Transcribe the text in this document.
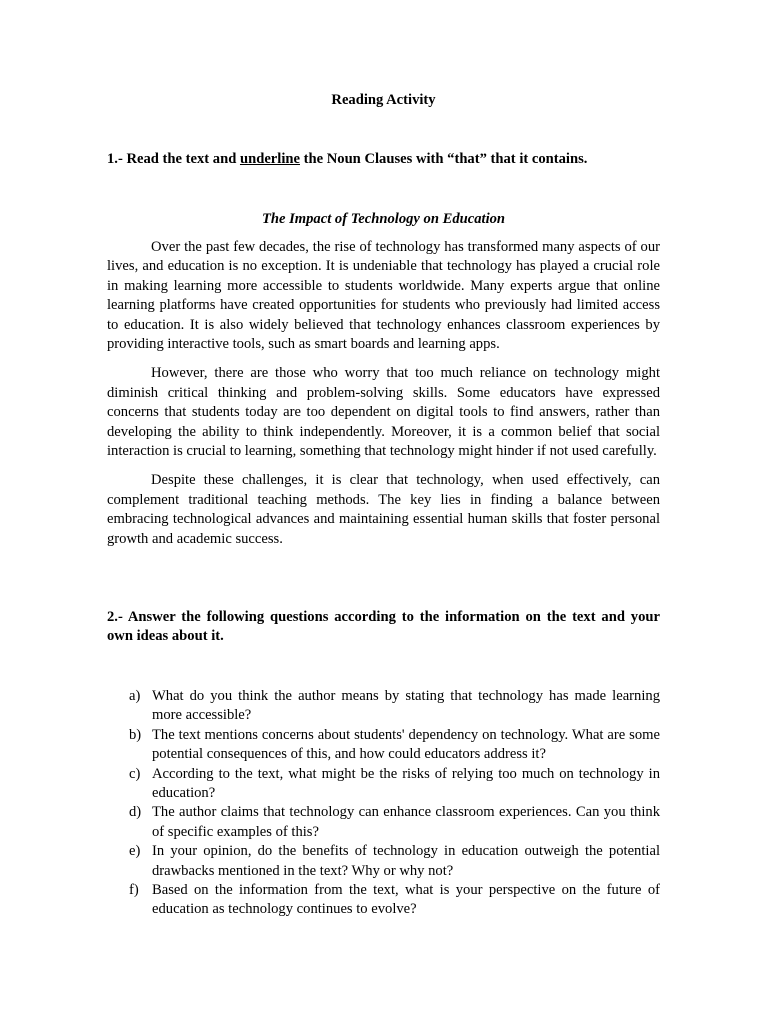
Reading Activity
1.- Read the text and underline the Noun Clauses with “that” that it contains.
The Impact of Technology on Education

Over the past few decades, the rise of technology has transformed many aspects of our lives, and education is no exception. It is undeniable that technology has played a crucial role in making learning more accessible to students worldwide. Many experts argue that online learning platforms have created opportunities for students who previously had limited access to education. It is also widely believed that technology enhances classroom experiences by providing interactive tools, such as smart boards and learning apps.

However, there are those who worry that too much reliance on technology might diminish critical thinking and problem-solving skills. Some educators have expressed concerns that students today are too dependent on digital tools to find answers, rather than developing the ability to think independently. Moreover, it is a common belief that social interaction is crucial to learning, something that technology might hinder if not used carefully.

Despite these challenges, it is clear that technology, when used effectively, can complement traditional teaching methods. The key lies in finding a balance between embracing technological advances and maintaining essential human skills that foster personal growth and academic success.

2.- Answer the following questions according to the information on the text and your own ideas about it.
a) What do you think the author means by stating that technology has made learning more accessible?
b) The text mentions concerns about students' dependency on technology. What are some potential consequences of this, and how could educators address it?
c) According to the text, what might be the risks of relying too much on technology in education?
d) The author claims that technology can enhance classroom experiences. Can you think of specific examples of this?
e) In your opinion, do the benefits of technology in education outweigh the potential drawbacks mentioned in the text? Why or why not?
f) Based on the information from the text, what is your perspective on the future of education as technology continues to evolve?
